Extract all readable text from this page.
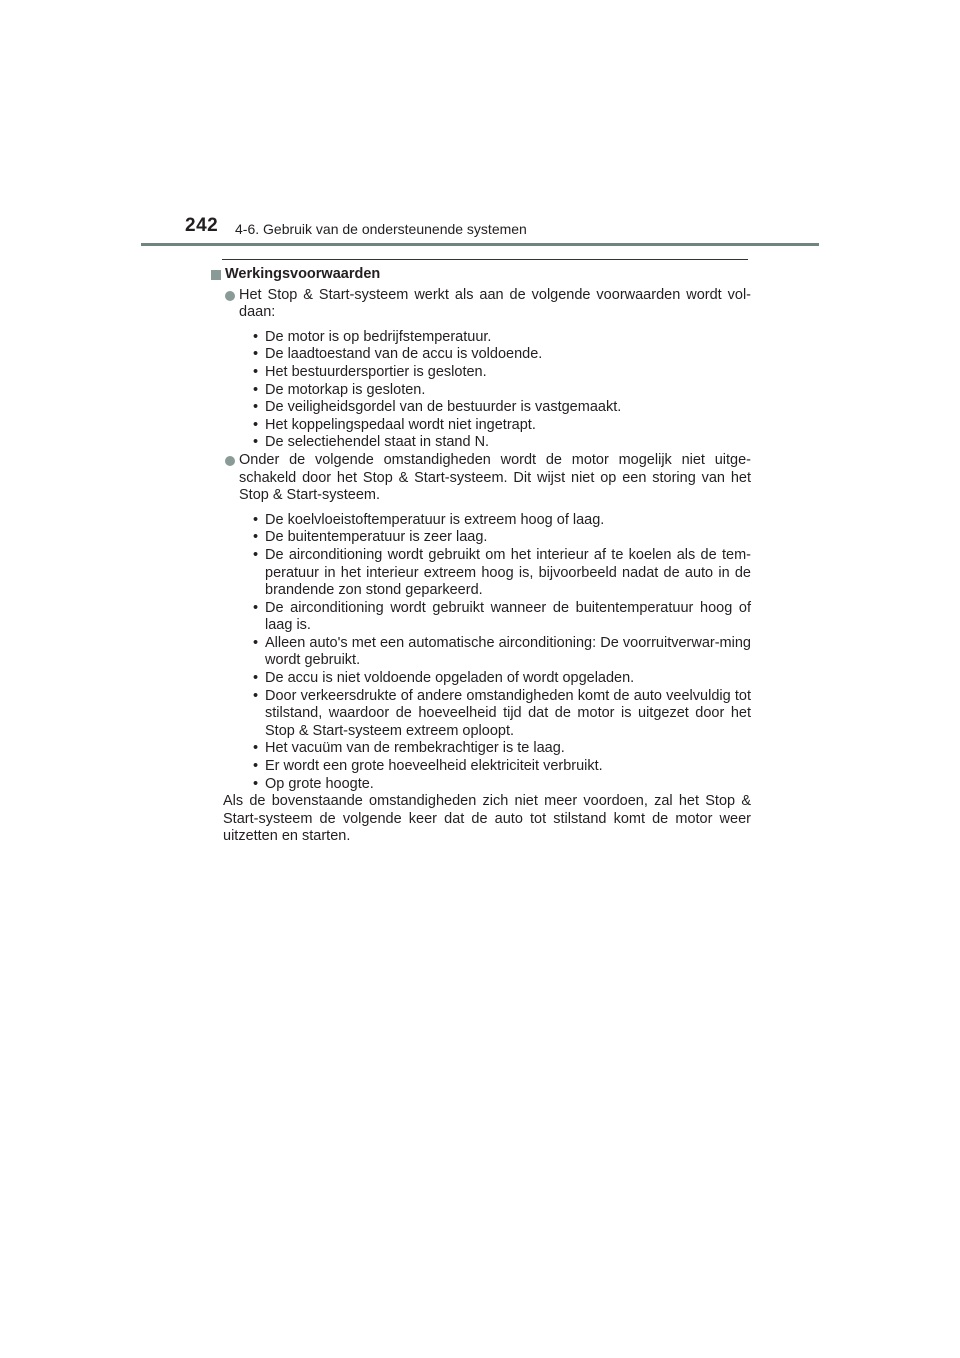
242 4-6. Gebruik van de ondersteunende systemen
Werkingsvoorwaarden
Het Stop & Start-systeem werkt als aan de volgende voorwaarden wordt vol-daan:
• De motor is op bedrijfstemperatuur.
• De laadtoestand van de accu is voldoende.
• Het bestuurdersportier is gesloten.
• De motorkap is gesloten.
• De veiligheidsgordel van de bestuurder is vastgemaakt.
• Het koppelingspedaal wordt niet ingetrapt.
• De selectiehendel staat in stand N.
Onder de volgende omstandigheden wordt de motor mogelijk niet uitge-schakeld door het Stop & Start-systeem. Dit wijst niet op een storing van het Stop & Start-systeem.
• De koelvloeistoftemperatuur is extreem hoog of laag.
• De buitentemperatuur is zeer laag.
• De airconditioning wordt gebruikt om het interieur af te koelen als de tem-peratuur in het interieur extreem hoog is, bijvoorbeeld nadat de auto in de brandende zon stond geparkeerd.
• De airconditioning wordt gebruikt wanneer de buitentemperatuur hoog of laag is.
• Alleen auto's met een automatische airconditioning: De voorruitverwar-ming wordt gebruikt.
• De accu is niet voldoende opgeladen of wordt opgeladen.
• Door verkeersdrukte of andere omstandigheden komt de auto veelvuldig tot stilstand, waardoor de hoeveelheid tijd dat de motor is uitgezet door het Stop & Start-systeem extreem oploopt.
• Het vacuüm van de rembekrachtiger is te laag.
• Er wordt een grote hoeveelheid elektriciteit verbruikt.
• Op grote hoogte.
Als de bovenstaande omstandigheden zich niet meer voordoen, zal het Stop & Start-systeem de volgende keer dat de auto tot stilstand komt de motor weer uitzetten en starten.
